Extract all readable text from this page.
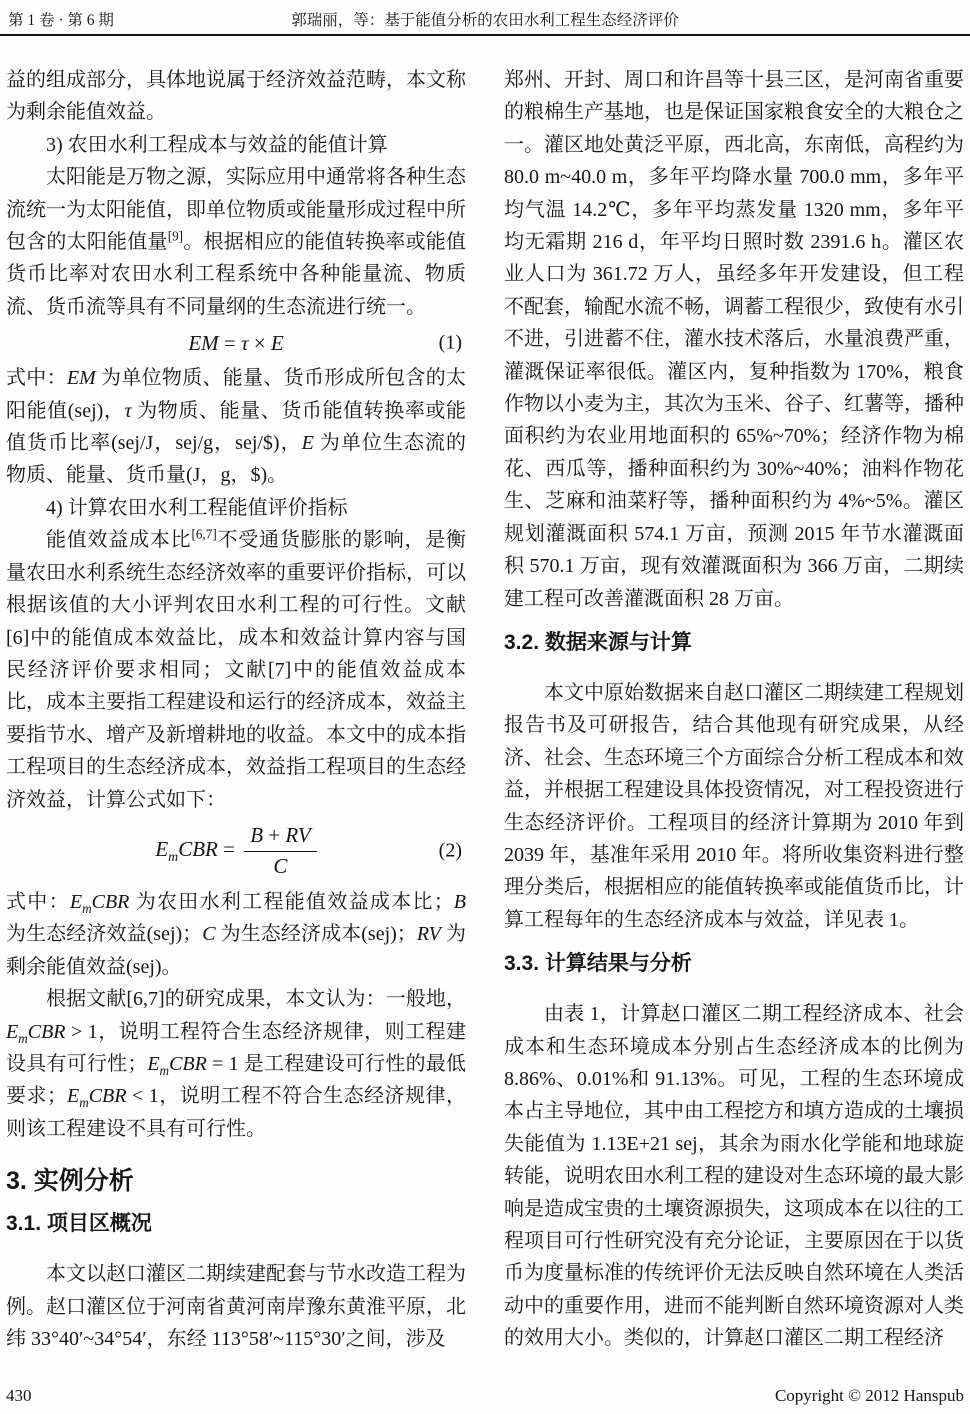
第 1 卷 · 第 6 期	郭瑞丽，等：基于能值分析的农田水利工程生态经济评价

益的组成部分，具体地说属于经济效益范畴，本文称为剩余能值效益。

3) 农田水利工程成本与效益的能值计算

太阳能是万物之源，实际应用中通常将各种生态流统一为太阳能值，即单位物质或能量形成过程中所包含的太阳能值量[9]。根据相应的能值转换率或能值货币比率对农田水利工程系统中各种能量流、物质流、货币流等具有不同量纲的生态流进行统一。

EM = τ × E	(1)

式中：EM 为单位物质、能量、货币形成所包含的太阳能值(sej)，τ 为物质、能量、货币能值转换率或能值货币比率(sej/J，sej/g，sej/$)，E 为单位生态流的物质、能量、货币量(J，g，$)。

4) 计算农田水利工程能值评价指标

能值效益成本比[6,7]不受通货膨胀的影响，是衡量农田水利系统生态经济效率的重要评价指标，可以根据该值的大小评判农田水利工程的可行性。文献[6]中的能值成本效益比，成本和效益计算内容与国民经济评价要求相同；文献[7]中的能值效益成本比，成本主要指工程建设和运行的经济成本，效益主要指节水、增产及新增耕地的收益。本文中的成本指工程项目的生态经济成本，效益指工程项目的生态经济效益，计算公式如下：

$E_mCBR = \frac{B + RV}{C}$	(2)

式中：$E_mCBR$ 为农田水利工程能值效益成本比；B 为生态经济效益(sej)；C 为生态经济成本(sej)；RV 为剩余能值效益(sej)。

根据文献[6,7]的研究成果，本文认为：一般地，$E_mCBR > 1$，说明工程符合生态经济规律，则工程建设具有可行性；$E_mCBR = 1$ 是工程建设可行性的最低要求；$E_mCBR < 1$，说明工程不符合生态经济规律，则该工程建设不具有可行性。

3. 实例分析
3.1. 项目区概况

本文以赵口灌区二期续建配套与节水改造工程为例。赵口灌区位于河南省黄河南岸豫东黄淮平原，北纬 33°40′~34°54′，东经 113°58′~115°30′之间，涉及

郑州、开封、周口和许昌等十县三区，是河南省重要的粮棉生产基地，也是保证国家粮食安全的大粮仓之一。灌区地处黄泛平原，西北高，东南低，高程约为 80.0 m~40.0 m，多年平均降水量 700.0 mm，多年平均气温 14.2℃，多年平均蒸发量 1320 mm，多年平均无霜期 216 d，年平均日照时数 2391.6 h。灌区农业人口为 361.72 万人，虽经多年开发建设，但工程不配套，输配水流不畅，调蓄工程很少，致使有水引不进，引进蓄不住，灌水技术落后，水量浪费严重，灌溉保证率很低。灌区内，复种指数为 170%，粮食作物以小麦为主，其次为玉米、谷子、红薯等，播种面积约为农业用地面积的 65%~70%；经济作物为棉花、西瓜等，播种面积约为 30%~40%；油料作物花生、芝麻和油菜籽等，播种面积约为 4%~5%。灌区规划灌溉面积 574.1 万亩，预测 2015 年节水灌溉面积 570.1 万亩，现有效灌溉面积为 366 万亩，二期续建工程可改善灌溉面积 28 万亩。

3.2. 数据来源与计算

本文中原始数据来自赵口灌区二期续建工程规划报告书及可研报告，结合其他现有研究成果，从经济、社会、生态环境三个方面综合分析工程成本和效益，并根据工程建设具体投资情况，对工程投资进行生态经济评价。工程项目的经济计算期为 2010 年到 2039 年，基准年采用 2010 年。将所收集资料进行整理分类后，根据相应的能值转换率或能值货币比，计算工程每年的生态经济成本与效益，详见表 1。

3.3. 计算结果与分析

由表 1，计算赵口灌区二期工程经济成本、社会成本和生态环境成本分别占生态经济成本的比例为 8.86%、0.01%和 91.13%。可见，工程的生态环境成本占主导地位，其中由工程挖方和填方造成的土壤损失能值为 1.13E+21 sej，其余为雨水化学能和地球旋转能，说明农田水利工程的建设对生态环境的最大影响是造成宝贵的土壤资源损失，这项成本在以往的工程项目可行性研究没有充分论证，主要原因在于以货币为度量标准的传统评价无法反映自然环境在人类活动中的重要作用，进而不能判断自然环境资源对人类的效用大小。类似的，计算赵口灌区二期工程经济

430	Copyright © 2012 Hanspub
